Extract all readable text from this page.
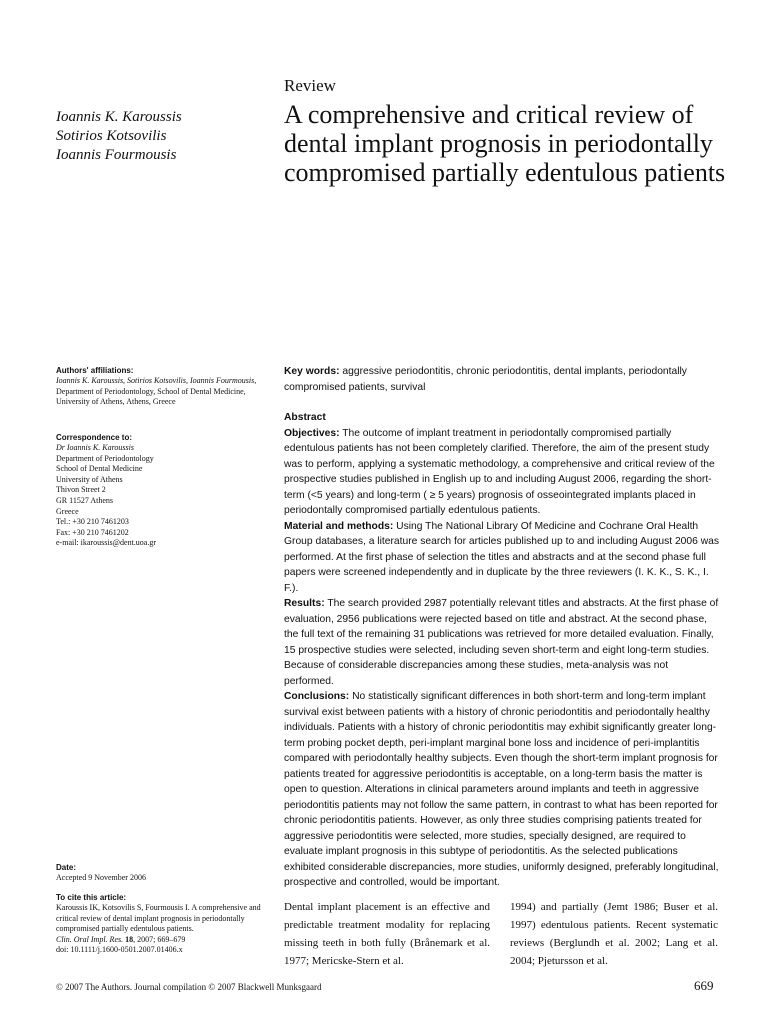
Review
A comprehensive and critical review of dental implant prognosis in periodontally compromised partially edentulous patients
Ioannis K. Karoussis
Sotirios Kotsovilis
Ioannis Fourmousis
Authors' affiliations:
Ioannis K. Karoussis, Sotirios Kotsovilis, Ioannis Fourmousis, Department of Periodontology, School of Dental Medicine, University of Athens, Athens, Greece
Correspondence to:
Dr Ioannis K. Karoussis
Department of Periodontology
School of Dental Medicine
University of Athens
Thivon Street 2
GR 11527 Athens
Greece
Tel.: +30 210 7461203
Fax: +30 210 7461202
e-mail: ikaroussis@dent.uoa.gr
Date:
Accepted 9 November 2006
To cite this article:
Karoussis IK, Kotsovilis S, Fourmousis I. A comprehensive and critical review of dental implant prognosis in periodontally compromised partially edentulous patients.
Clin. Oral Impl. Res. 18, 2007; 669–679
doi: 10.1111/j.1600-0501.2007.01406.x
Key words: aggressive periodontitis, chronic periodontitis, dental implants, periodontally compromised patients, survival

Abstract

Objectives: The outcome of implant treatment in periodontally compromised partially edentulous patients has not been completely clarified. Therefore, the aim of the present study was to perform, applying a systematic methodology, a comprehensive and critical review of the prospective studies published in English up to and including August 2006, regarding the short-term (<5 years) and long-term ( ≥ 5 years) prognosis of osseointegrated implants placed in periodontally compromised partially edentulous patients.

Material and methods: Using The National Library Of Medicine and Cochrane Oral Health Group databases, a literature search for articles published up to and including August 2006 was performed. At the first phase of selection the titles and abstracts and at the second phase full papers were screened independently and in duplicate by the three reviewers (I. K. K., S. K., I. F.).

Results: The search provided 2987 potentially relevant titles and abstracts. At the first phase of evaluation, 2956 publications were rejected based on title and abstract. At the second phase, the full text of the remaining 31 publications was retrieved for more detailed evaluation. Finally, 15 prospective studies were selected, including seven short-term and eight long-term studies. Because of considerable discrepancies among these studies, meta-analysis was not performed.

Conclusions: No statistically significant differences in both short-term and long-term implant survival exist between patients with a history of chronic periodontitis and periodontally healthy individuals. Patients with a history of chronic periodontitis may exhibit significantly greater long-term probing pocket depth, peri-implant marginal bone loss and incidence of peri-implantitis compared with periodontally healthy subjects. Even though the short-term implant prognosis for patients treated for aggressive periodontitis is acceptable, on a long-term basis the matter is open to question. Alterations in clinical parameters around implants and teeth in aggressive periodontitis patients may not follow the same pattern, in contrast to what has been reported for chronic periodontitis patients. However, as only three studies comprising patients treated for aggressive periodontitis were selected, more studies, specially designed, are required to evaluate implant prognosis in this subtype of periodontitis. As the selected publications exhibited considerable discrepancies, more studies, uniformly designed, preferably longitudinal, prospective and controlled, would be important.

Dental implant placement is an effective and predictable treatment modality for replacing missing teeth in both fully (Brånemark et al. 1977; Mericske-Stern et al.
1994) and partially (Jemt 1986; Buser et al. 1997) edentulous patients. Recent systematic reviews (Berglundh et al. 2002; Lang et al. 2004; Pjetursson et al.
© 2007 The Authors. Journal compilation © 2007 Blackwell Munksgaard	669
